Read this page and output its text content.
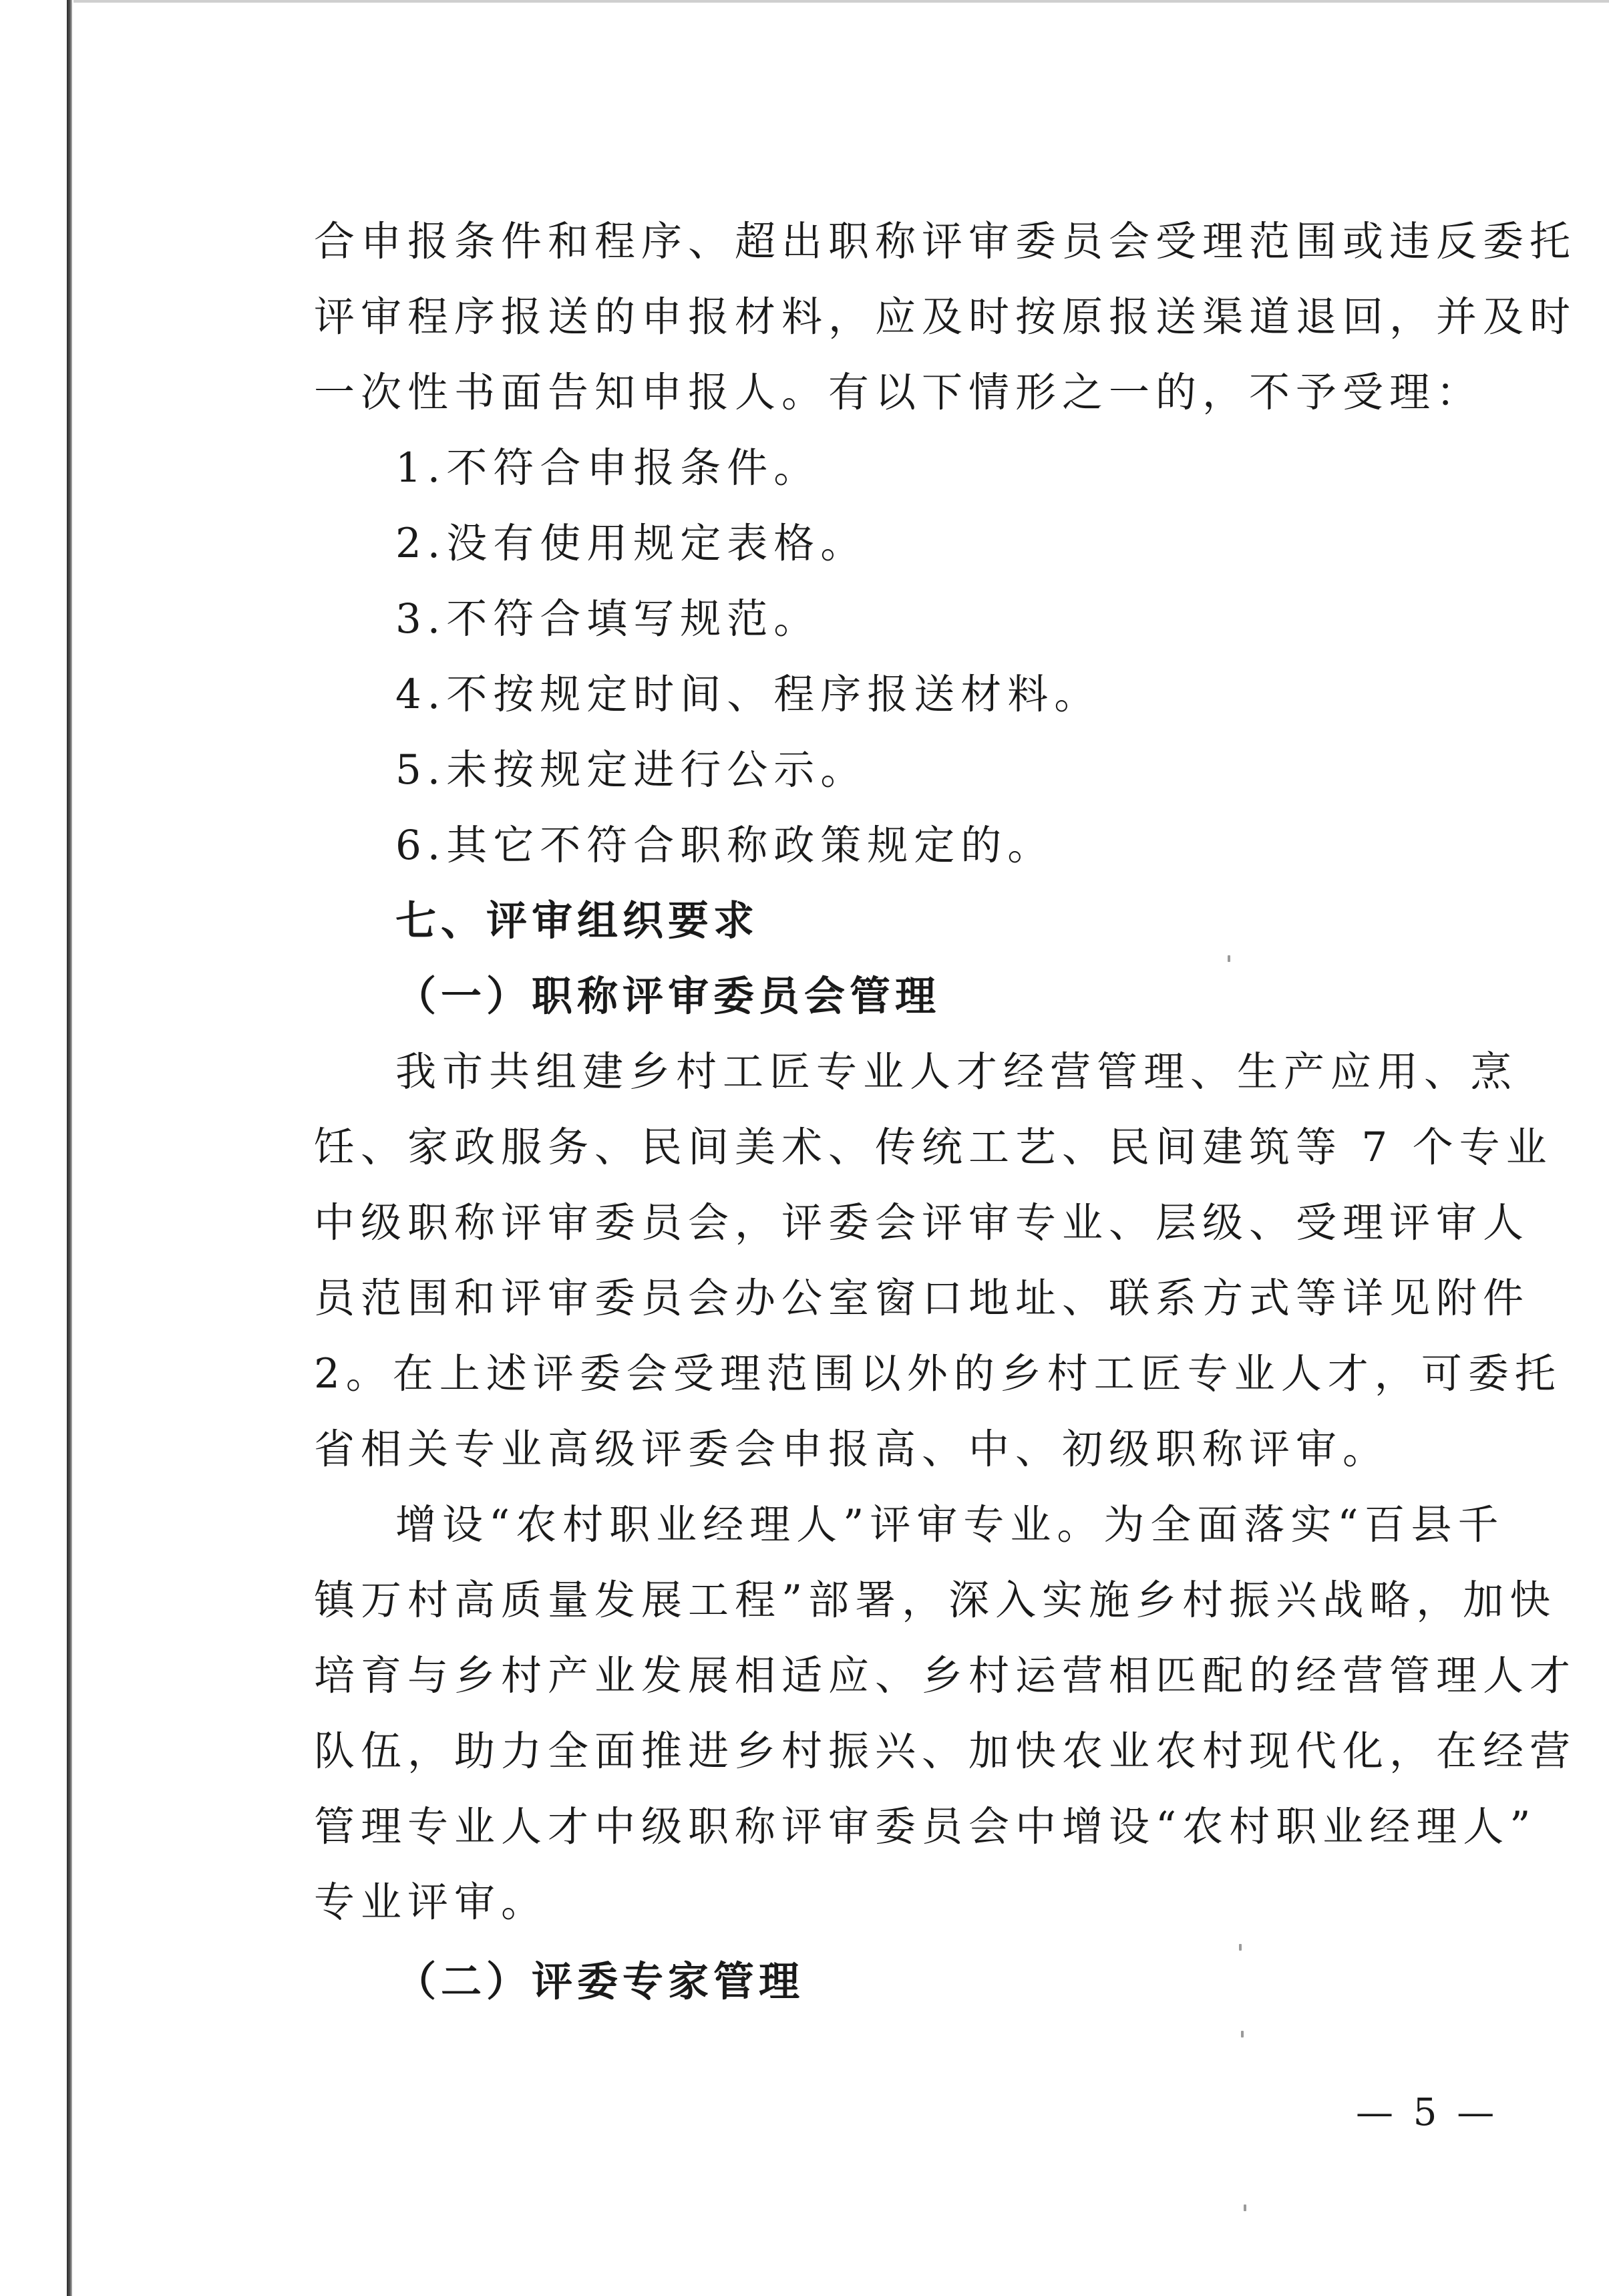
合申报条件和程序、超出职称评审委员会受理范围或违反委托
评审程序报送的申报材料，应及时按原报送渠道退回，并及时
一次性书面告知申报人。有以下情形之一的，不予受理：
1.不符合申报条件。
2.没有使用规定表格。
3.不符合填写规范。
4.不按规定时间、程序报送材料。
5.未按规定进行公示。
6.其它不符合职称政策规定的。
七、评审组织要求
（一）职称评审委员会管理
我市共组建乡村工匠专业人才经营管理、生产应用、烹
饪、家政服务、民间美术、传统工艺、民间建筑等 7 个专业
中级职称评审委员会，评委会评审专业、层级、受理评审人
员范围和评审委员会办公室窗口地址、联系方式等详见附件
2。在上述评委会受理范围以外的乡村工匠专业人才，可委托
省相关专业高级评委会申报高、中、初级职称评审。
增设“农村职业经理人”评审专业。为全面落实“百县千
镇万村高质量发展工程”部署，深入实施乡村振兴战略，加快
培育与乡村产业发展相适应、乡村运营相匹配的经营管理人才
队伍，助力全面推进乡村振兴、加快农业农村现代化，在经营
管理专业人才中级职称评审委员会中增设“农村职业经理人”
专业评审。
（二）评委专家管理
— 5 —
